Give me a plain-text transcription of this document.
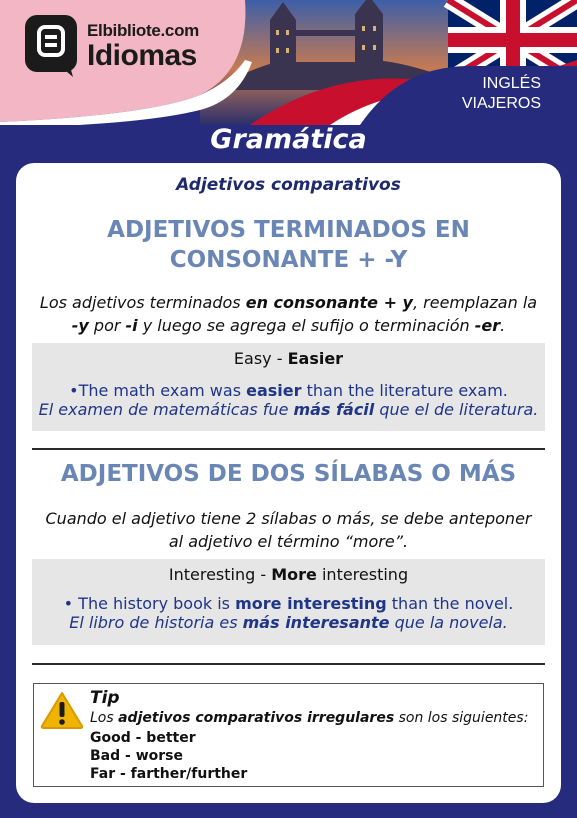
Elbibliote.com
Idiomas
INGLÉS
VIAJEROS
Gramática
Adjetivos comparativos
ADJETIVOS TERMINADOS EN
CONSONANTE + -Y
Los adjetivos terminados en consonante + y, reemplazan la -y por -i y luego se agrega el sufijo o terminación -er.
Easy - Easier
•The math exam was easier than the literature exam.
El examen de matemáticas fue más fácil que el de literatura.
ADJETIVOS DE DOS SÍLABAS O MÁS
Cuando el adjetivo tiene 2 sílabas o más, se debe anteponer
al adjetivo el término “more”.
Interesting - More interesting
• The history book is more interesting than the novel.
El libro de historia es más interesante que la novela.
Tip
Los adjetivos comparativos irregulares son los siguientes:
Good - better
Bad - worse
Far - farther/further
